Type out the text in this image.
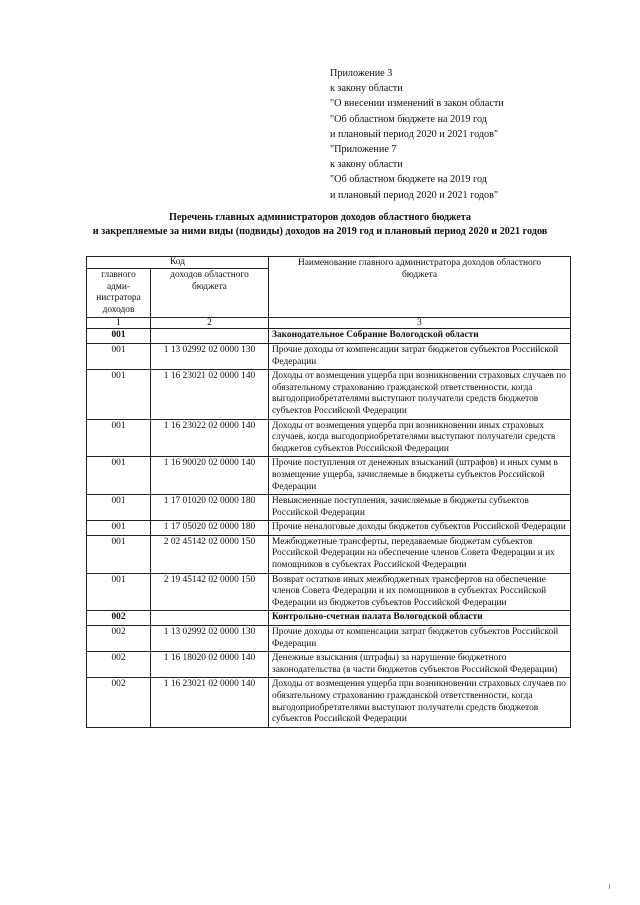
Приложение 3
к закону области
"О внесении изменений в закон области
"Об областном бюджете на 2019 год
и плановый период 2020 и 2021 годов"
"Приложение 7
к закону области
"Об областном бюджете на 2019 год
и плановый период 2020 и 2021 годов"
Перечень главных администраторов доходов областного бюджета
и закрепляемые за ними виды (подвиды) доходов на 2019 год и плановый период 2020 и 2021 годов
Код		Наименование главного администратора доходов областного бюджета
главного адми-нистратора доходов	доходов областного бюджета	
1	2	3
001		Законодательное Собрание Вологодской области
001	1 13 02992 02 0000 130	Прочие доходы от компенсации затрат бюджетов субъектов Российской Федерации
001	1 16 23021 02 0000 140	Доходы от возмещения ущерба при возникновении страховых случаев по обязательному страхованию гражданской ответственности, когда выгодоприобретателями выступают получатели средств бюджетов субъектов Российской Федерации
001	1 16 23022 02 0000 140	Доходы от возмещения ущерба при возникновении иных страховых случаев, когда выгодоприобретателями выступают получатели средств бюджетов субъектов Российской Федерации
001	1 16 90020 02 0000 140	Прочие поступления от денежных взысканий (штрафов) и иных сумм в возмещение ущерба, зачисляемые в бюджеты субъектов Российской Федерации
001	1 17 01020 02 0000 180	Невыясненные поступления, зачисляемые в бюджеты субъектов Российской Федерации
001	1 17 05020 02 0000 180	Прочие неналоговые доходы бюджетов субъектов Российской Федерации
001	2 02 45142 02 0000 150	Межбюджетные трансферты, передаваемые бюджетам субъектов Российской Федерации на обеспечение членов Совета Федерации и их помощников в субъектах Российской Федерации
001	2 19 45142 02 0000 150	Возврат остатков иных межбюджетных трансфертов на обеспечение членов Совета Федерации и их помощников в субъектах Российской Федерации из бюджетов субъектов Российской Федерации
002		Контрольно-счетная палата Вологодской области
002	1 13 02992 02 0000 130	Прочие доходы от компенсации затрат бюджетов субъектов Российской Федерации
002	1 16 18020 02 0000 140	Денежные взыскания (штрафы) за нарушение бюджетного законодательства (в части бюджетов субъектов Российской Федерации)
002	1 16 23021 02 0000 140	Доходы от возмещения ущерба при возникновении страховых случаев по обязательному страхованию гражданской ответственности, когда выгодоприобретателями выступают получатели средств бюджетов субъектов Российской Федерации
